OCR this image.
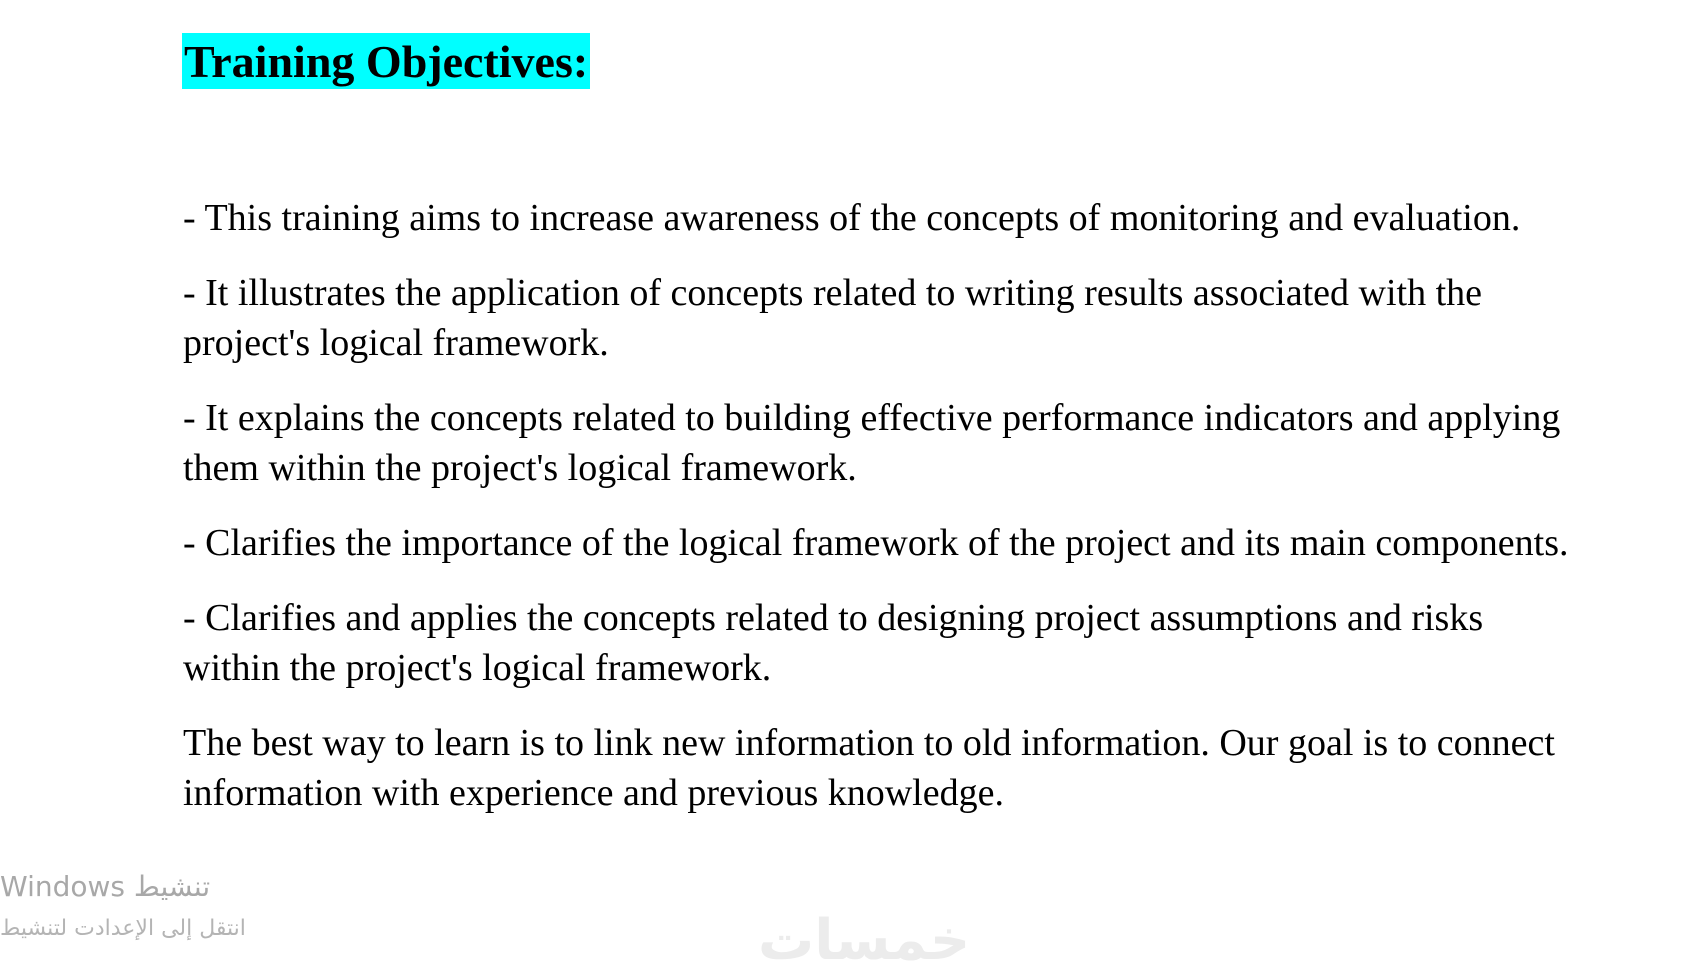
Training Objectives:

- This training aims to increase awareness of the concepts of monitoring and evaluation.

- It illustrates the application of concepts related to writing results associated with the project's logical framework.

- It explains the concepts related to building effective performance indicators and applying them within the project's logical framework.

- Clarifies the importance of the logical framework of the project and its main components.

- Clarifies and applies the concepts related to designing project assumptions and risks within the project's logical framework.

The best way to learn is to link new information to old information. Our goal is to connect information with experience and previous knowledge.

Windows تنشيط
انتقل إلى الإعدادت لتنشيط	خمسات
